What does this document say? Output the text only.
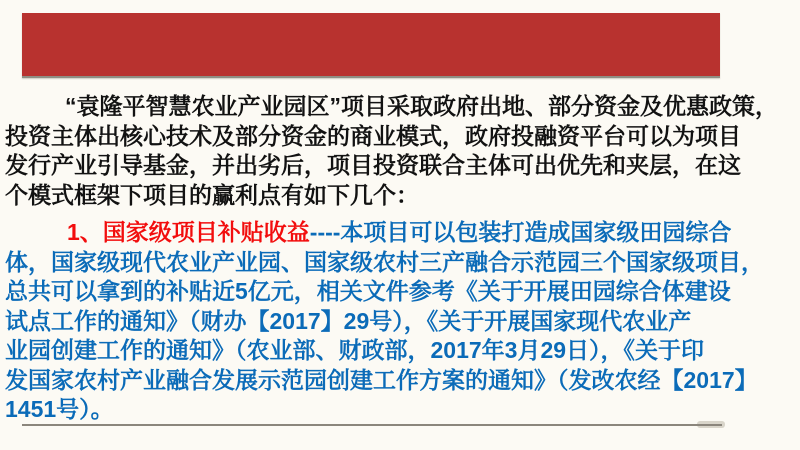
“袁隆平智慧农业产业园区”项目采取政府出地、部分资金及优惠政策，
投资主体出核心技术及部分资金的商业模式，政府投融资平台可以为项目
发行产业引导基金，并出劣后，项目投资联合主体可出优先和夹层，在这
个模式框架下项目的赢利点有如下几个：
1、国家级项目补贴收益----本项目可以包装打造成国家级田园综合
体，国家级现代农业产业园、国家级农村三产融合示范园三个国家级项目，
总共可以拿到的补贴近5亿元，相关文件参考《关于开展田园综合体建设
试点工作的通知》（财办【2017】29号），《关于开展国家现代农业产
业园创建工作的通知》（农业部、财政部，2017年3月29日），《关于印
发国家农村产业融合发展示范园创建工作方案的通知》（发改农经【2017】
1451号）。
